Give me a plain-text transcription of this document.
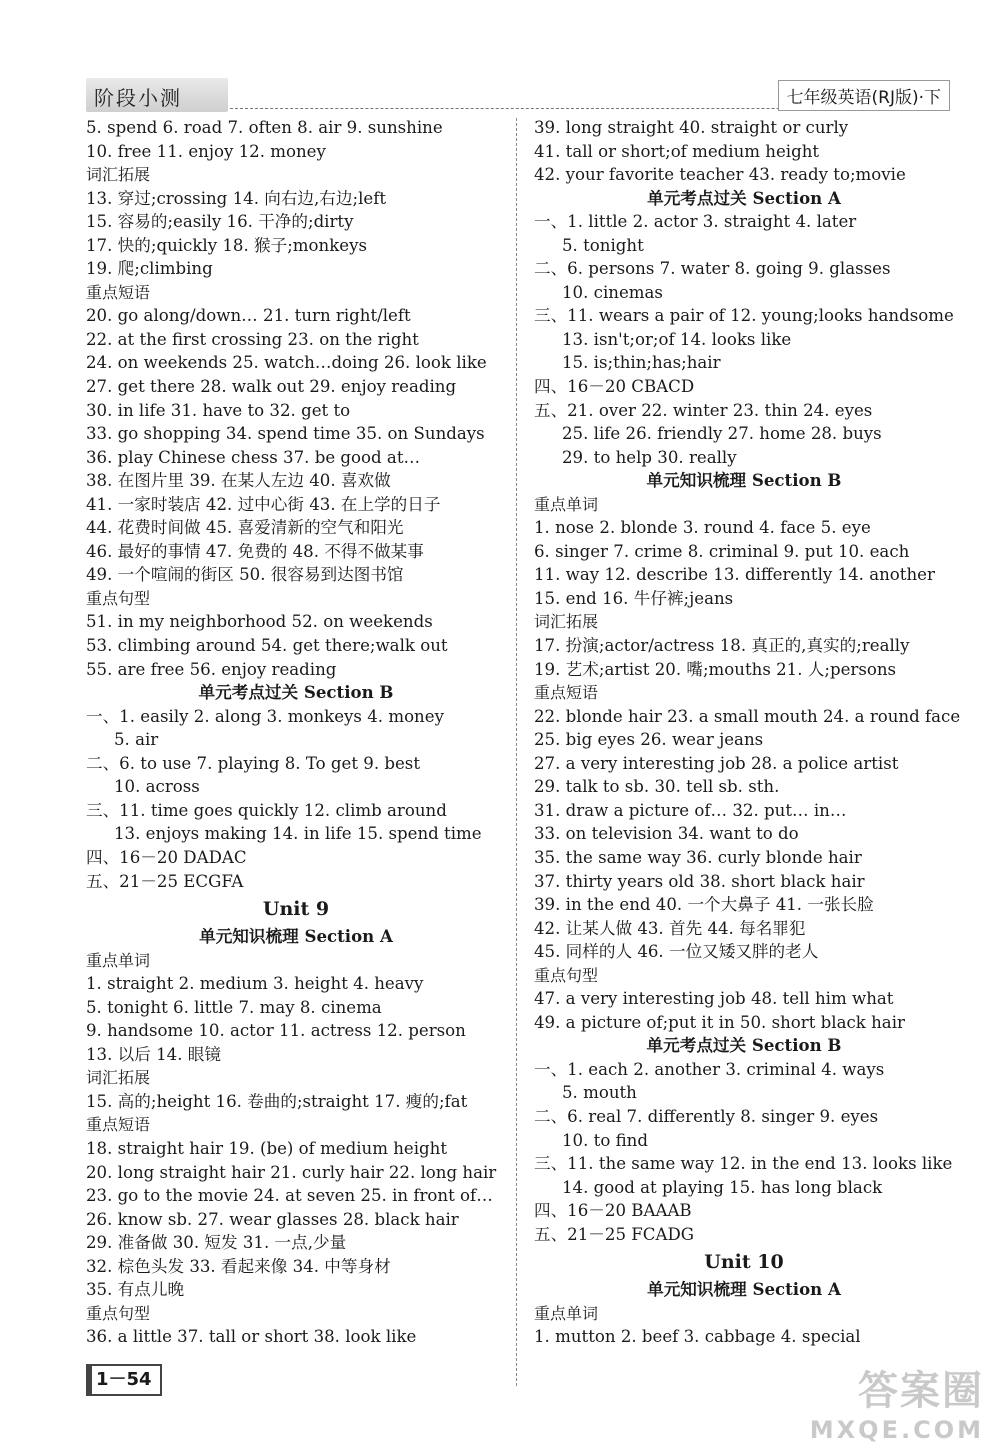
阶段小测	七年级英语(RJ版)·下
5. spend 6. road 7. often 8. air 9. sunshine
10. free 11. enjoy 12. money
词汇拓展
13. 穿过;crossing 14. 向右边,右边;left
15. 容易的;easily 16. 干净的;dirty
17. 快的;quickly 18. 猴子;monkeys
19. 爬;climbing
重点短语
20. go along/down… 21. turn right/left
22. at the first crossing 23. on the right
24. on weekends 25. watch…doing 26. look like
27. get there 28. walk out 29. enjoy reading
30. in life 31. have to 32. get to
33. go shopping 34. spend time 35. on Sundays
36. play Chinese chess 37. be good at…
38. 在图片里 39. 在某人左边 40. 喜欢做
41. 一家时装店 42. 过中心街 43. 在上学的日子
44. 花费时间做 45. 喜爱清新的空气和阳光
46. 最好的事情 47. 免费的 48. 不得不做某事
49. 一个喧闹的街区 50. 很容易到达图书馆
重点句型
51. in my neighborhood 52. on weekends
53. climbing around 54. get there;walk out
55. are free 56. enjoy reading
单元考点过关 Section B
一、1. easily 2. along 3. monkeys 4. money
5. air
二、6. to use 7. playing 8. To get 9. best
10. across
三、11. time goes quickly 12. climb around
13. enjoys making 14. in life 15. spend time
四、16－20 DADAC
五、21－25 ECGFA
Unit 9
单元知识梳理 Section A
重点单词
1. straight 2. medium 3. height 4. heavy
5. tonight 6. little 7. may 8. cinema
9. handsome 10. actor 11. actress 12. person
13. 以后 14. 眼镜
词汇拓展
15. 高的;height 16. 卷曲的;straight 17. 瘦的;fat
重点短语
18. straight hair 19. (be) of medium height
20. long straight hair 21. curly hair 22. long hair
23. go to the movie 24. at seven 25. in front of…
26. know sb. 27. wear glasses 28. black hair
29. 准备做 30. 短发 31. 一点,少量
32. 棕色头发 33. 看起来像 34. 中等身材
35. 有点儿晚
重点句型
36. a little 37. tall or short 38. look like
39. long straight 40. straight or curly
41. tall or short;of medium height
42. your favorite teacher 43. ready to;movie
单元考点过关 Section A
一、1. little 2. actor 3. straight 4. later
5. tonight
二、6. persons 7. water 8. going 9. glasses
10. cinemas
三、11. wears a pair of 12. young;looks handsome
13. isn't;or;of 14. looks like
15. is;thin;has;hair
四、16－20 CBACD
五、21. over 22. winter 23. thin 24. eyes
25. life 26. friendly 27. home 28. buys
29. to help 30. really
单元知识梳理 Section B
重点单词
1. nose 2. blonde 3. round 4. face 5. eye
6. singer 7. crime 8. criminal 9. put 10. each
11. way 12. describe 13. differently 14. another
15. end 16. 牛仔裤;jeans
词汇拓展
17. 扮演;actor/actress 18. 真正的,真实的;really
19. 艺术;artist 20. 嘴;mouths 21. 人;persons
重点短语
22. blonde hair 23. a small mouth 24. a round face
25. big eyes 26. wear jeans
27. a very interesting job 28. a police artist
29. talk to sb. 30. tell sb. sth.
31. draw a picture of… 32. put… in…
33. on television 34. want to do
35. the same way 36. curly blonde hair
37. thirty years old 38. short black hair
39. in the end 40. 一个大鼻子 41. 一张长脸
42. 让某人做 43. 首先 44. 每名罪犯
45. 同样的人 46. 一位又矮又胖的老人
重点句型
47. a very interesting job 48. tell him what
49. a picture of;put it in 50. short black hair
单元考点过关 Section B
一、1. each 2. another 3. criminal 4. ways
5. mouth
二、6. real 7. differently 8. singer 9. eyes
10. to find
三、11. the same way 12. in the end 13. looks like
14. good at playing 15. has long black
四、16－20 BAAAB
五、21－25 FCADG
Unit 10
单元知识梳理 Section A
重点单词
1. mutton 2. beef 3. cabbage 4. special
1－54	答案圈
MXQE.COM
